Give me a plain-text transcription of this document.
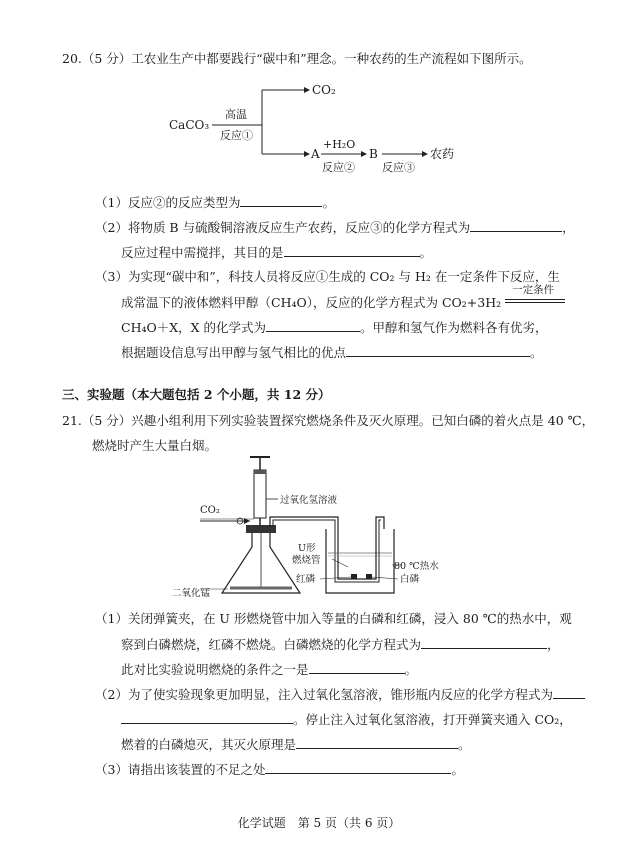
20.（5 分）工农业生产中都要践行“碳中和”理念。一种农药的生产流程如下图所示。
CaCO₃
高温
反应①
CO₂
A
+H₂O
反应②
B
反应③
农药
（1）反应②的反应类型为	。
（2）将物质 B 与硫酸铜溶液反应生产农药，反应③的化学方程式为	，
反应过程中需搅拌，其目的是	。
（3）为实现“碳中和”，科技人员将反应①生成的 CO₂ 与 H₂ 在一定条件下反应，生
成常温下的液体燃料甲醇（CH₄O），反应的化学方程式为 CO₂+3H₂
一定条件
CH₄O＋X，X 的化学式为	。甲醇和氢气作为燃料各有优劣，
根据题设信息写出甲醇与氢气相比的优点	。
三、实验题（本大题包括 2 个小题，共 12 分）
21.（5 分）兴趣小组利用下列实验装置探究燃烧条件及灭火原理。已知白磷的着火点是 40 ℃，
燃烧时产生大量白烟。
过氧化氢溶液
CO₂
二氧化锰
U形
燃烧管
80 ℃热水
红磷	白磷
（1）关闭弹簧夹，在 U 形燃烧管中加入等量的白磷和红磷，浸入 80 ℃的热水中，观
察到白磷燃烧，红磷不燃烧。白磷燃烧的化学方程式为	，
此对比实验说明燃烧的条件之一是	。
（2）为了使实验现象更加明显，注入过氧化氢溶液，锥形瓶内反应的化学方程式为
。停止注入过氧化氢溶液，打开弹簧夹通入 CO₂，
燃着的白磷熄灭，其灭火原理是	。
（3）请指出该装置的不足之处	。
化学试题　第 5 页（共 6 页）
